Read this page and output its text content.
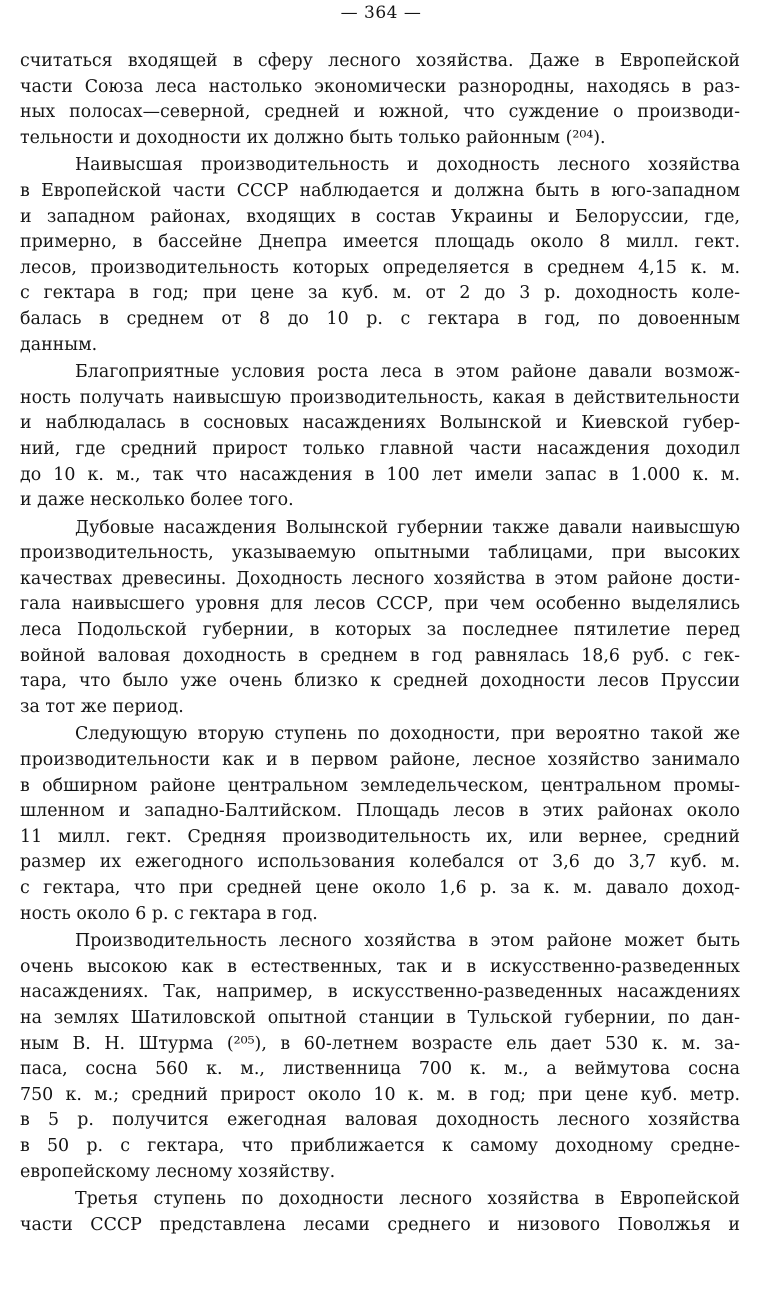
— 364 —
считаться входящей в сферу лесного хозяйства. Даже в Европейской
части Союза леса настолько экономически разнородны, находясь в раз-
ных полосах—северной, средней и южной, что суждение о производи-
тельности и доходности их должно быть только районным (²⁰⁴).
Наивысшая производительность и доходность лесного хозяйства
в Европейской части СССР наблюдается и должна быть в юго-западном
и западном районах, входящих в состав Украины и Белоруссии, где,
примерно, в бассейне Днепра имеется площадь около 8 милл. гект.
лесов, производительность которых определяется в среднем 4,15 к. м.
с гектара в год; при цене за куб. м. от 2 до 3 р. доходность коле-
балась в среднем от 8 до 10 р. с гектара в год, по довоенным
данным.
Благоприятные условия роста леса в этом районе давали возмож-
ность получать наивысшую производительность, какая в действительности
и наблюдалась в сосновых насаждениях Волынской и Киевской губер-
ний, где средний прирост только главной части насаждения доходил
до 10 к. м., так что насаждения в 100 лет имели запас в 1.000 к. м.
и даже несколько более того.
Дубовые насаждения Волынской губернии также давали наивысшую
производительность, указываемую опытными таблицами, при высоких
качествах древесины. Доходность лесного хозяйства в этом районе дости-
гала наивысшего уровня для лесов СССР, при чем особенно выделялись
леса Подольской губернии, в которых за последнее пятилетие перед
войной валовая доходность в среднем в год равнялась 18,6 руб. с гек-
тара, что было уже очень близко к средней доходности лесов Пруссии
за тот же период.
Следующую вторую ступень по доходности, при вероятно такой же
производительности как и в первом районе, лесное хозяйство занимало
в обширном районе центральном земледельческом, центральном промы-
шленном и западно-Балтийском. Площадь лесов в этих районах около
11 милл. гект. Средняя производительность их, или вернее, средний
размер их ежегодного использования колебался от 3,6 до 3,7 куб. м.
с гектара, что при средней цене около 1,6 р. за к. м. давало доход-
ность около 6 р. с гектара в год.
Производительность лесного хозяйства в этом районе может быть
очень высокою как в естественных, так и в искусственно-разведенных
насаждениях. Так, например, в искусственно-разведенных насаждениях
на землях Шатиловской опытной станции в Тульской губернии, по дан-
ным В. Н. Штурма (²⁰⁵), в 60-летнем возрасте ель дает 530 к. м. за-
паса, сосна 560 к. м., лиственница 700 к. м., а веймутова сосна
750 к. м.; средний прирост около 10 к. м. в год; при цене куб. метр.
в 5 р. получится ежегодная валовая доходность лесного хозяйства
в 50 р. с гектара, что приближается к самому доходному средне-
европейскому лесному хозяйству.
Третья ступень по доходности лесного хозяйства в Европейской
части СССР представлена лесами среднего и низового Поволжья и
